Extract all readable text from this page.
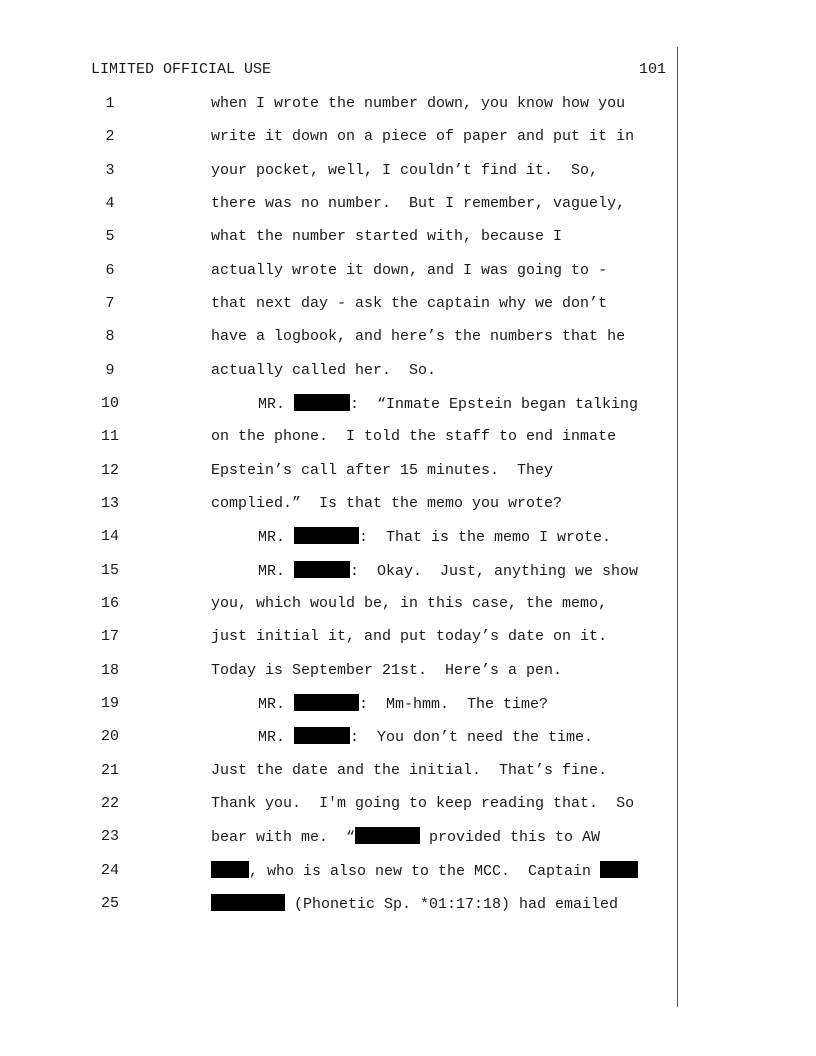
LIMITED OFFICIAL USE	101
1	when I wrote the number down, you know how you
2	write it down on a piece of paper and put it in
3	your pocket, well, I couldn’t find it.  So,
4	there was no number.  But I remember, vaguely,
5	what the number started with, because I
6	actually wrote it down, and I was going to -
7	that next day - ask the captain why we don’t
8	have a logbook, and here’s the numbers that he
9	actually called her.  So.
10	MR.	:  “Inmate Epstein began talking
11	on the phone.  I told the staff to end inmate
12	Epstein’s call after 15 minutes.  They
13	complied.”  Is that the memo you wrote?
14	MR.	:  That is the memo I wrote.
15	MR.	:  Okay.  Just, anything we show
16	you, which would be, in this case, the memo,
17	just initial it, and put today’s date on it.
18	Today is September 21st.  Here’s a pen.
19	MR.	:  Mm-hmm.  The time?
20	MR.	:  You don’t need the time.
21	Just the date and the initial.  That’s fine.
22	Thank you.  I'm going to keep reading that.  So
23	bear with me.  “	provided this to AW
24	, who is also new to the MCC.  Captain
25	(Phonetic Sp. *01:17:18) had emailed
